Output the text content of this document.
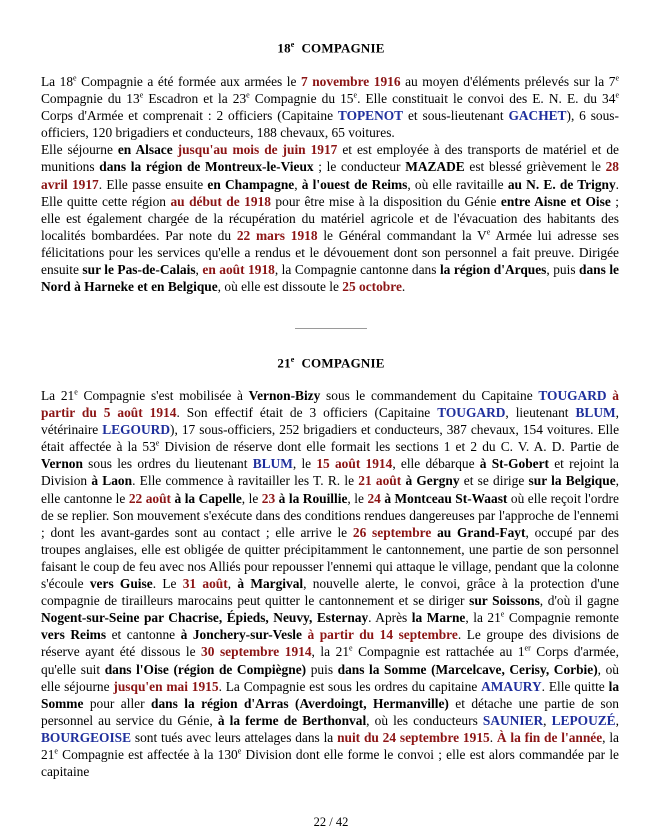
18e COMPAGNIE

La 18e Compagnie a été formée aux armées le 7 novembre 1916 au moyen d'éléments prélevés sur la 7e Compagnie du 13e Escadron et la 23e Compagnie du 15e. Elle constituait le convoi des E. N. E. du 34e Corps d'Armée et comprenait : 2 officiers (Capitaine TOPENOT et sous-lieutenant GACHET), 6 sous-officiers, 120 brigadiers et conducteurs, 188 chevaux, 65 voitures.
Elle séjourne en Alsace jusqu'au mois de juin 1917 et est employée à des transports de matériel et de munitions dans la région de Montreux-le-Vieux ; le conducteur MAZADE est blessé grièvement le 28 avril 1917. Elle passe ensuite en Champagne, à l'ouest de Reims, où elle ravitaille au N. E. de Trigny. Elle quitte cette région au début de 1918 pour être mise à la disposition du Génie entre Aisne et Oise ; elle est également chargée de la récupération du matériel agricole et de l'évacuation des habitants des localités bombardées. Par note du 22 mars 1918 le Général commandant la Ve Armée lui adresse ses félicitations pour les services qu'elle a rendus et le dévouement dont son personnel a fait preuve. Dirigée ensuite sur le Pas-de-Calais, en août 1918, la Compagnie cantonne dans la région d'Arques, puis dans le Nord à Harneke et en Belgique, où elle est dissoute le 25 octobre.

21e COMPAGNIE

La 21e Compagnie s'est mobilisée à Vernon-Bizy sous le commandement du Capitaine TOUGARD à partir du 5 août 1914. Son effectif était de 3 officiers (Capitaine TOUGARD, lieutenant BLUM, vétérinaire LEGOURD), 17 sous-officiers, 252 brigadiers et conducteurs, 387 chevaux, 154 voitures. Elle était affectée à la 53e Division de réserve dont elle formait les sections 1 et 2 du C. V. A. D. Partie de Vernon sous les ordres du lieutenant BLUM, le 15 août 1914, elle débarque à St-Gobert et rejoint la Division à Laon. Elle commence à ravitailler les T. R. le 21 août à Gergny et se dirige sur la Belgique, elle cantonne le 22 août à la Capelle, le 23 à la Rouillie, le 24 à Montceau St-Waast où elle reçoit l'ordre de se replier. Son mouvement s'exécute dans des conditions rendues dangereuses par l'approche de l'ennemi ; dont les avant-gardes sont au contact ; elle arrive le 26 septembre au Grand-Fayt, occupé par des troupes anglaises, elle est obligée de quitter précipitamment le cantonnement, une partie de son personnel faisant le coup de feu avec nos Alliés pour repousser l'ennemi qui attaque le village, pendant que la colonne s'écoule vers Guise. Le 31 août, à Margival, nouvelle alerte, le convoi, grâce à la protection d'une compagnie de tirailleurs marocains peut quitter le cantonnement et se diriger sur Soissons, d'où il gagne Nogent-sur-Seine par Chacrise, Épieds, Neuvy, Esternay. Après la Marne, la 21e Compagnie remonte vers Reims et cantonne à Jonchery-sur-Vesle à partir du 14 septembre. Le groupe des divisions de réserve ayant été dissous le 30 septembre 1914, la 21e Compagnie est rattachée au 1er Corps d'armée, qu'elle suit dans l'Oise (région de Compiègne) puis dans la Somme (Marcelcave, Cerisy, Corbie), où elle séjourne jusqu'en mai 1915. La Compagnie est sous les ordres du capitaine AMAURY. Elle quitte la Somme pour aller dans la région d'Arras (Averdoingt, Hermanville) et détache une partie de son personnel au service du Génie, à la ferme de Berthonval, où les conducteurs SAUNIER, LEPOUZÉ, BOURGEOISE sont tués avec leurs attelages dans la nuit du 24 septembre 1915. À la fin de l'année, la 21e Compagnie est affectée à la 130e Division dont elle forme le convoi ; elle est alors commandée par le capitaine

22 / 42
